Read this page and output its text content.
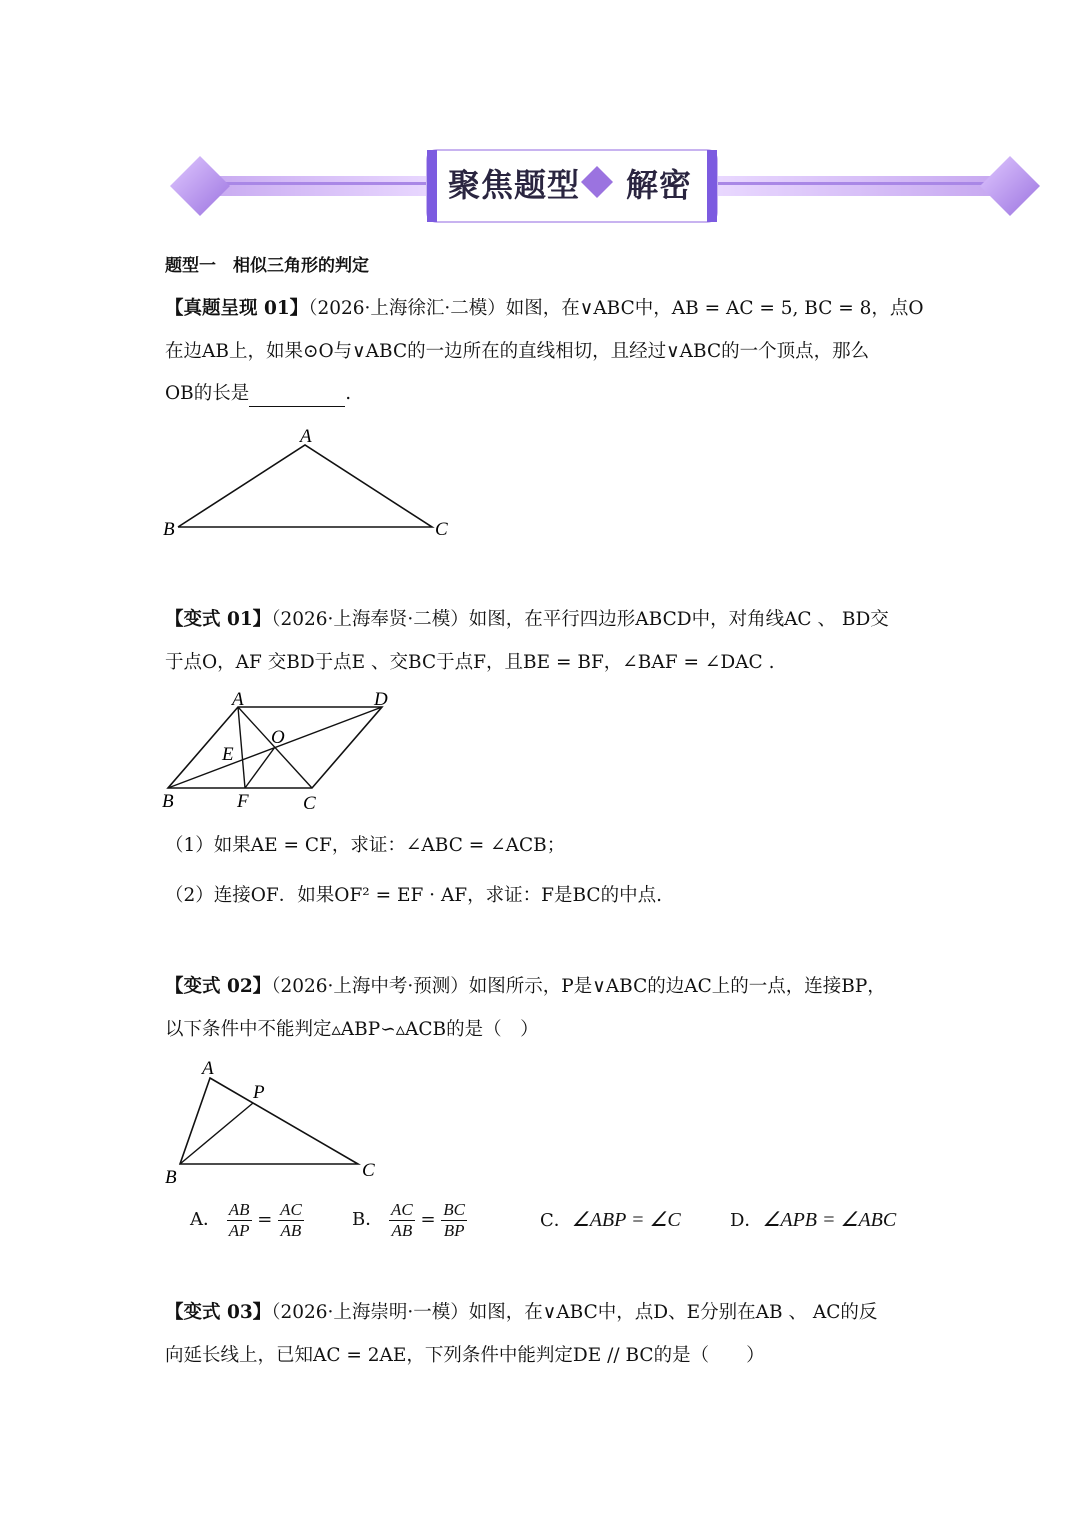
聚焦题型 解密
题型一　相似三角形的判定
【真题呈现 01】（2026·上海徐汇·二模）如图，在∨ABC中，AB = AC = 5, BC = 8，点O
在边AB上，如果⊙O与∨ABC的一边所在的直线相切，且经过∨ABC的一个顶点，那么
OB的长是	.
A
B	C
【变式 01】（2026·上海奉贤·二模）如图，在平行四边形ABCD中，对角线AC 、 BD交
于点O，AF 交BD于点E 、交BC于点F，且BE = BF，∠BAF = ∠DAC .
A	D
O
E
B	F	C
（1）如果AE = CF，求证：∠ABC = ∠ACB；
（2）连接OF．如果OF² = EF · AF，求证：F是BC的中点.
【变式 02】（2026·上海中考·预测）如图所示，P是∨ABC的边AC上的一点，连接BP，
以下条件中不能判定▵ABP∽▵ACB的是（　）
A
P
B	C
A． $\frac{AB}{AP} = \frac{AC}{AB}$	B． $\frac{AC}{AB} = \frac{BC}{BP}$	C．∠ABP = ∠C	D．∠APB = ∠ABC
【变式 03】（2026·上海崇明·一模）如图，在∨ABC中，点D、E分别在AB 、 AC的反
向延长线上，已知AC = 2AE，下列条件中能判定DE // BC的是（　　）
